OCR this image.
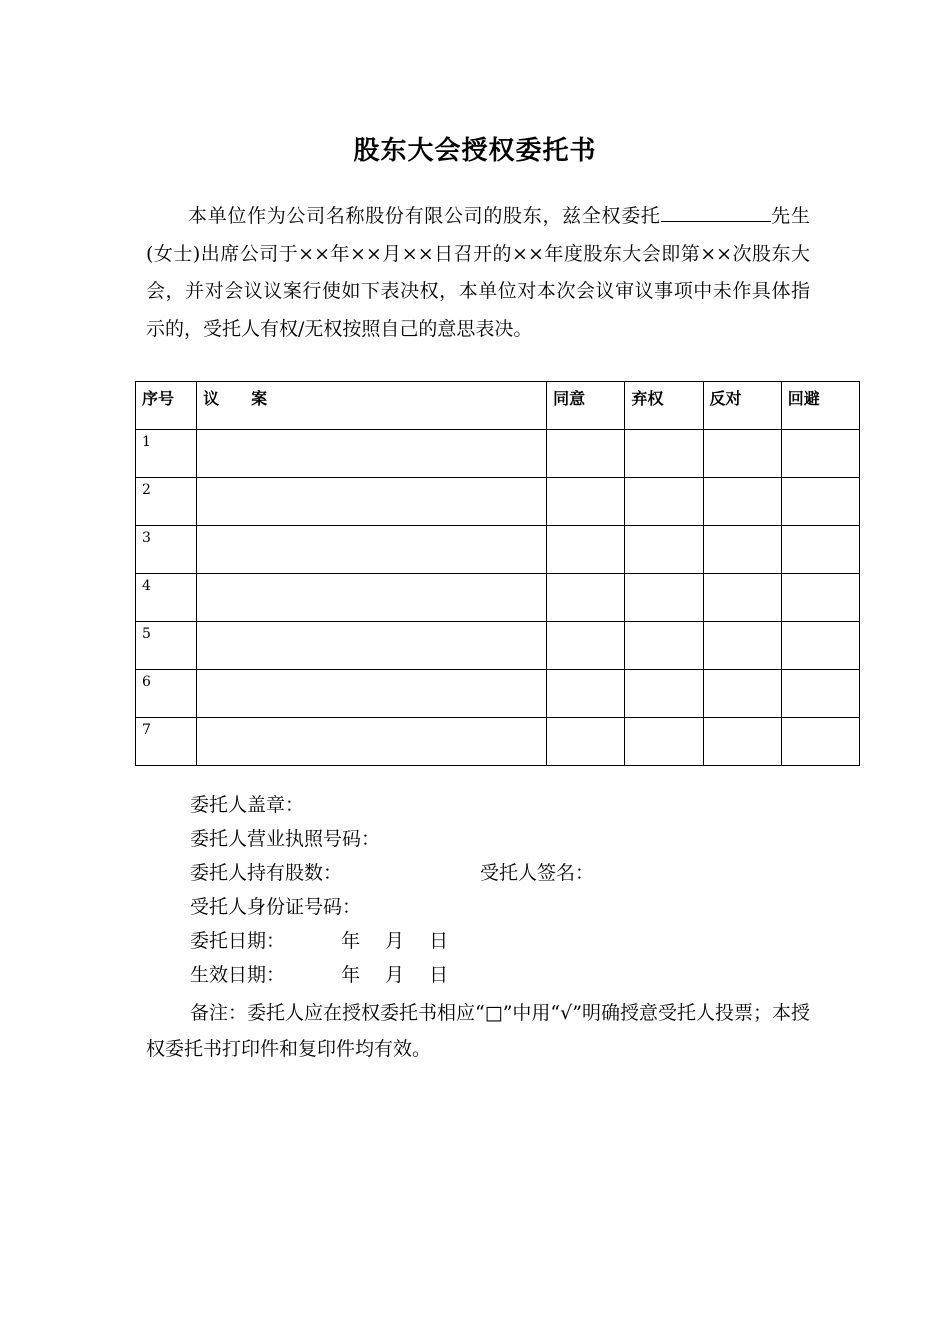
股东大会授权委托书

本单位作为公司名称股份有限公司的股东，兹全权委托	先生(女士)出席公司于××年××月××日召开的××年度股东大会即第××次股东大会，并对会议议案行使如下表决权，本单位对本次会议审议事项中未作具体指示的，受托人有权/无权按照自己的意思表决。

序号	议　　案	同意	弃权	反对	回避
1					
2					
3					
4					
5					
6					
7					
委托人盖章：
委托人营业执照号码：
委托人持有股数：	受托人签名：
受托人身份证号码：
委托日期：	年 月 日
生效日期：	年 月 日

备注：委托人应在授权委托书相应“□”中用“√”明确授意受托人投票；本授权委托书打印件和复印件均有效。
